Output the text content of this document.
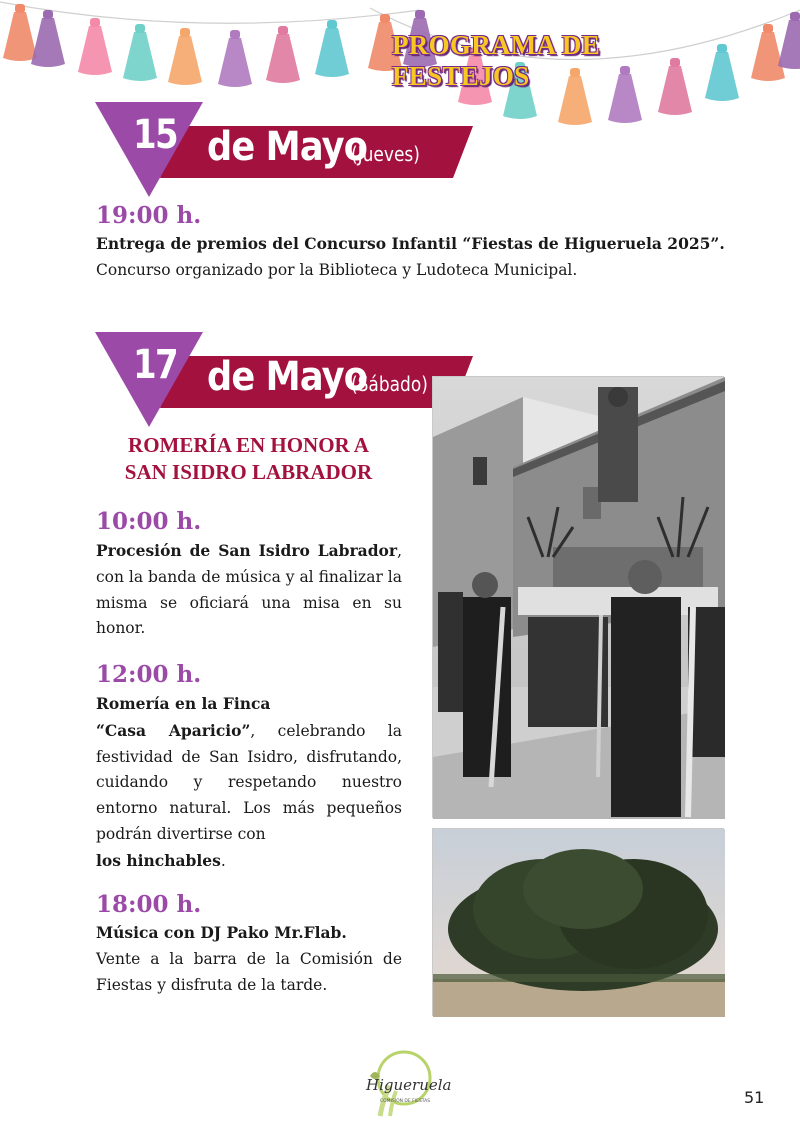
PROGRAMA DE FESTEJOS
15 de Mayo
(Jueves)
19:00 h.
Entrega de premios del Concurso Infantil “Fiestas de Higueruela 2025”.
Concurso organizado por la Biblioteca y Ludoteca Municipal.
17 de Mayo
(Sábado)
ROMERÍA EN HONOR A
SAN ISIDRO LABRADOR
10:00 h.
Procesión de San Isidro Labrador, con la banda de música y al finalizar la misma se oficiará una misa en su honor.
12:00 h.
Romería en la Finca
“Casa Aparicio”, celebrando la festividad de San Isidro, disfrutando, cuidando y respetando nuestro entorno natural. Los más pequeños podrán divertirse con
los hinchables.
18:00 h.
Música con DJ Pako Mr.Flab.
Vente a la barra de la Comisión de Fiestas y disfruta de la tarde.
Higueruela
COMISIÓN DE FIESTAS	51
